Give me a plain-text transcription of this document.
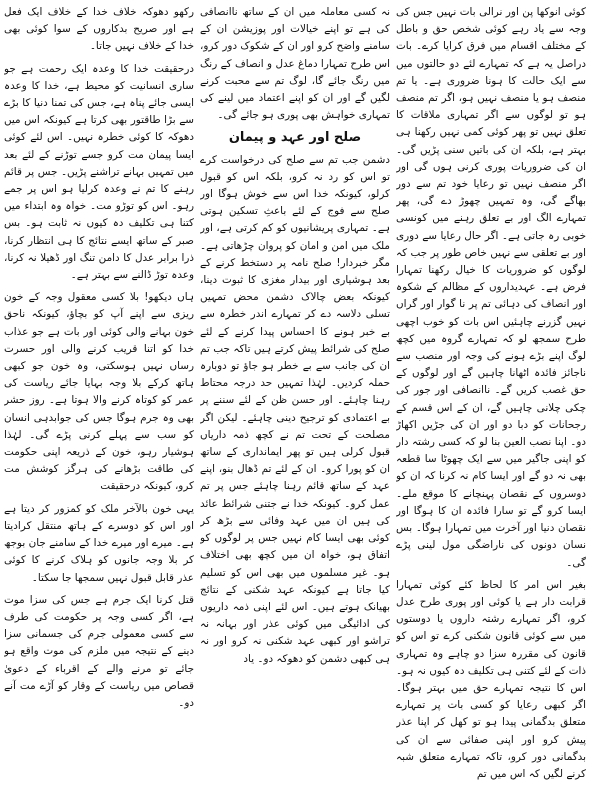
کوئی انوکھا پن اور نرالی بات نہیں جس کی وجہ سے یاد رہے کوئی شخص حق و باطل کے مختلف اقسام میں فرق کرایا کرے۔ بات دراصل یہ ہے کہ تمہارے لئے دو حالتوں میں سے ایک حالت کا ہونا ضروری ہے۔ یا تم منصف ہو یا منصف نہیں ہو، اگر تم منصف ہو تو لوگوں سے اگر تمہاری ملاقات کا تعلق نہیں تو پھر کوئی کمی نہیں رکھنا ہی بہتر ہے، بلکہ ان کی باتیں سنی پڑیں گی۔ ان کی ضروریات پوری کرنی ہوں گی اور اگر منصف نہیں تو رعایا خود تم سے دور بھاگے گی، وہ تمہیں چھوڑ دے گی، پھر تمہارے الگ اور بے تعلق رہنے میں کونسی خوبی رہ جاتی ہے۔ اگر حال رعایا سے دوری اور بے تعلقی سے نہیں خاص طور پر جب کہ لوگوں کو ضروریات کا خیال رکھنا تمہارا فرض ہے۔ عہدیداروں کے مظالم کے شکوہ اور انصاف کی دہائی تم پر نا گوار اور گراں نہیں گزرنے چاہئیں اس بات کو خوب اچھی طرح سمجھ لو کہ تمہارے گروہ میں کچھ لوگ اپنے بڑے ہونے کی وجہ اور منصب سے ناجائز فائدہ اٹھانا چاہیں گے اور لوگوں کے حق غصب کریں گے۔ ناانصافی اور جور کی چکی چلانی چاہیں گے، ان کے اس قسم کے رجحانات کو دبا دو اور ان کی جڑیں اکھاڑ دو۔ اپنا نصب العین بنا لو کہ کسی رشتہ دار کو اپنی جاگیر میں سے ایک چھوٹا سا قطعہ بھی نہ دو گے اور ایسا کام نہ کرنا کہ ان کو دوسروں کے نقصان پہنچانے کا موقع ملے۔ ایسا کرو گے تو سارا فائدہ ان کا ہوگا اور نقصان دنیا اور آخرت میں تمہارا ہوگا۔ بس نسان دونوں کی ناراضگی مول لینی پڑے گی۔

بغیر اس امر کا لحاظ کئے کوئی تمہارا قرابت دار ہے یا کوئی اور پوری طرح عدل کرو، اگر تمہارے رشتہ داروں یا دوستوں میں سے کوئی قانون شکنی کرے تو اس کو قانون کی مقررہ سزا دو چاہے وہ تمہاری ذات کے لئے کتنی ہی تکلیف دہ کیوں نہ ہو۔ اس کا نتیجہ تمہارے حق میں بہتر ہوگا۔ اگر کبھی رعایا کو کسی بات پر تمہارے متعلق بدگمانی پیدا ہو تو کھل کر اپنا عذر پیش کرو اور اپنی صفائی سے ان کی بدگمانی دور کرو، تاکہ تمہارے متعلق شبہ کرنے لگیں کہ اس میں تم

نہ کسی معاملہ میں ان کے ساتھ ناانصافی کی ہے تو اپنے خیالات اور پوزیشن ان کے سامنے واضح کرو اور ان کے شکوک دور کرو، اس طرح تمہارا دماغ عدل و انصاف کے رنگ میں رنگ جائے گا، لوگ تم سے محبت کرنے لگیں گے اور ان کو اپنے اعتماد میں لینے کی تمہاری خواہش بھی پوری ہو جائے گی۔

صلح اور عہد و پیمان

دشمن جب تم سے صلح کی درخواست کرے تو اس کو رد نہ کرو، بلکہ اس کو قبول کرلو، کیونکہ خدا اس سے خوش ہوگا اور صلح سے فوج کے لئے باعثِ تسکین ہوتی ہے۔ تمہاری پریشانیوں کو کم کرتی ہے، اور ملک میں امن و امان کو پروان چڑھاتی ہے۔ مگر خبردار! صلح نامہ پر دستخط کرنے کے بعد ہوشیاری اور بیدار مغزی کا ثبوت دینا، کیونکہ بعض چالاک دشمن محض تمہیں تسلی دلاسہ دے کر تمہارے اندر خطرہ سے بے خبر ہونے کا احساس پیدا کرنے کے لئے صلح کی شرائط پیش کرتے ہیں تاکہ جب تم ان کی جانب سے بے خطر ہو جاؤ تو دوبارہ حملہ کردیں۔ لہٰذا تمہیں حد درجہ محتاط رہنا چاہئے۔ اور حسن ظن کے لئے سننے پر بے اعتمادی کو ترجیح دینی چاہئے۔ لیکن اگر مصلحت کے تحت تم نے کچھ ذمہ داریاں قبول کرلی ہیں تو پھر ایمانداری کے ساتھ ان کو پورا کرو۔ ان کے لئے تم ڈھال بنو، اپنے عہد کے ساتھ قائم رہنا چاہئے جس پر تم عمل کرو۔ کیونکہ خدا نے جتنی شرائط عائد کی ہیں ان میں عہد وفائی سے بڑھ کر کوئی بھی ایسا کام نہیں جس پر لوگوں کو اتفاق ہو، خواہ ان میں کچھ بھی اختلاف ہو۔ غیر مسلموں میں بھی اس کو تسلیم کیا جاتا ہے کیونکہ عہد شکنی کے نتائج بھیانک ہوتے ہیں۔ اس لئے اپنی ذمہ داریوں کی ادائیگی میں کوئی عذر اور بہانہ نہ تراشو اور کبھی عہد شکنی نہ کرو اور نہ ہی کبھی دشمن کو دھوکہ دو۔ یاد

رکھو دھوکہ خلاف خدا کے خلاف ایک فعل ہے اور صریح بدکاروں کے سوا کوئی بھی خدا کے خلاف نہیں جاتا۔

درحقیقت خدا کا وعدہ ایک رحمت ہے جو ساری انسانیت کو محیط ہے، خدا کا وعدہ ایسی جائے پناہ ہے، جس کی تمنا دنیا کا بڑے سے بڑا طاقتور بھی کرتا ہے کیونکہ اس میں دھوکہ کا کوئی خطرہ نہیں۔ اس لئے کوئی ایسا پیمان مت کرو جسے توڑنے کے لئے بعد میں تمہیں بہانے تراشنے پڑیں۔ جس پر قائم رہنے کا تم نے وعدہ کرلیا ہو اس پر جمے رہو۔ اس کو توڑو مت۔ خواہ وہ ابتداء میں کتنا ہی تکلیف دہ کیوں نہ ثابت ہو۔ بس صبر کے ساتھ ایسے نتائج کا ہی انتظار کرنا، ذرا برابر عدل کا دامن تنگ اور ڈھیلا نہ کرنا، وعدہ توڑ ڈالنے سے بہتر ہے۔

ہاں دیکھو! بلا کسی معقول وجہ کے خون ریزی سے اپنے آپ کو بچاؤ، کیونکہ ناحق خون بہانے والی کوئی اور بات ہے جو عذاب خدا کو اتنا قریب کرنے والی اور حسرت رساں نہیں ہوسکتی، وہ خون جو کبھی ہاتھ کرکے بلا وجہ بہایا جائے ریاست کی عمر کو کوتاہ کرنے والا ہوتا ہے۔ روز حشر بھی وہ جرم ہوگا جس کی جوابدہی انسان کو سب سے پہلے کرنی پڑے گی۔ لہٰذا ہوشیار رہو، خون کے ذریعہ اپنی حکومت کی طاقت بڑھانے کی ہرگز کوشش مت کرو، کیونکہ درحقیقت

یہی خون بالآخر ملک کو کمزور کر دیتا ہے اور اس کو دوسرے کے ہاتھ منتقل کرادیتا ہے۔ میرے اور میرے خدا کے سامنے جان بوجھ کر بلا وجہ جانوں کو ہلاک کرنے کا کوئی عذر قابل قبول نہیں سمجھا جا سکتا۔

قتل کرنا ایک جرم ہے جس کی سزا موت ہے، اگر کسی وجہ پر حکومت کی طرف سے کسی معمولی جرم کی جسمانی سزا دینے کے نتیجہ میں ملزم کی موت واقع ہو جائے تو مرنے والے کے اقرباء کے دعویٰ قصاص میں ریاست کے وقار کو آڑے مت آنے دو۔
